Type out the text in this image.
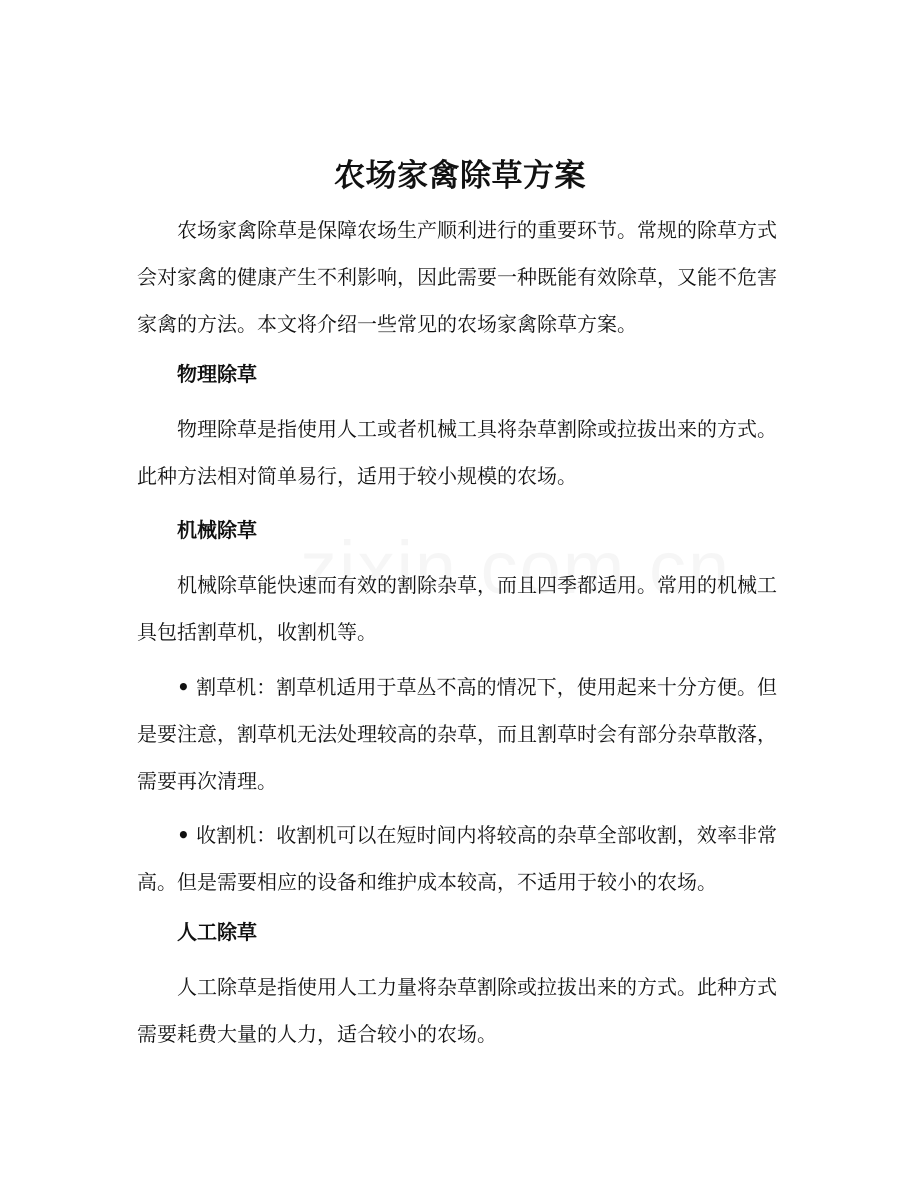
农场家禽除草方案

农场家禽除草是保障农场生产顺利进行的重要环节。常规的除草方式会对家禽的健康产生不利影响，因此需要一种既能有效除草，又能不危害家禽的方法。本文将介绍一些常见的农场家禽除草方案。

物理除草

物理除草是指使用人工或者机械工具将杂草割除或拉拔出来的方式。此种方法相对简单易行，适用于较小规模的农场。

机械除草

机械除草能快速而有效的割除杂草，而且四季都适用。常用的机械工具包括割草机，收割机等。

• 割草机：割草机适用于草丛不高的情况下，使用起来十分方便。但是要注意，割草机无法处理较高的杂草，而且割草时会有部分杂草散落，需要再次清理。

• 收割机：收割机可以在短时间内将较高的杂草全部收割，效率非常高。但是需要相应的设备和维护成本较高，不适用于较小的农场。

人工除草

人工除草是指使用人工力量将杂草割除或拉拔出来的方式。此种方式需要耗费大量的人力，适合较小的农场。
